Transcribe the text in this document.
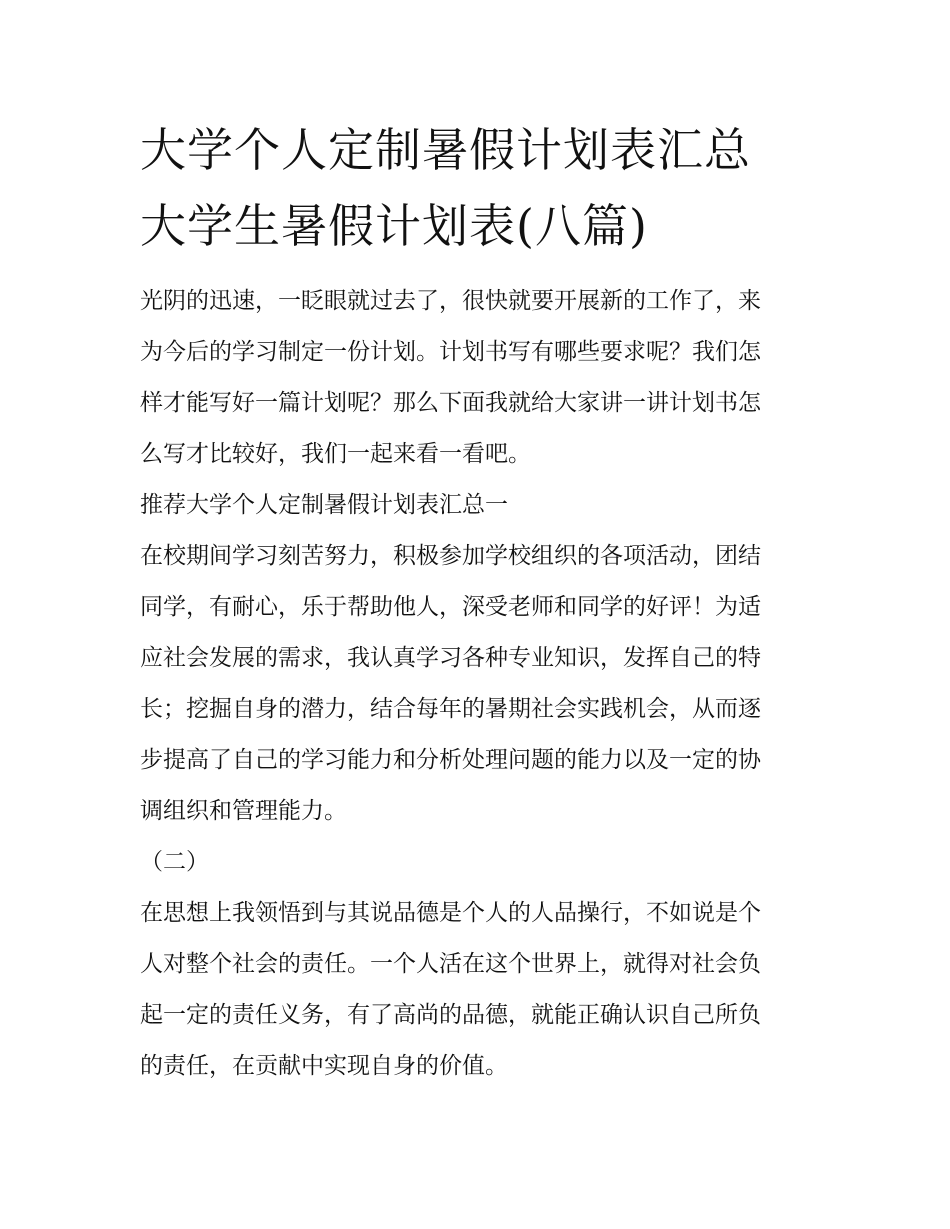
大学个人定制暑假计划表汇总
大学生暑假计划表(八篇)

光阴的迅速，一眨眼就过去了，很快就要开展新的工作了，来
为今后的学习制定一份计划。计划书写有哪些要求呢？我们怎
样才能写好一篇计划呢？那么下面我就给大家讲一讲计划书怎
么写才比较好，我们一起来看一看吧。

推荐大学个人定制暑假计划表汇总一

在校期间学习刻苦努力，积极参加学校组织的各项活动，团结
同学，有耐心，乐于帮助他人，深受老师和同学的好评！为适
应社会发展的需求，我认真学习各种专业知识，发挥自己的特
长；挖掘自身的潜力，结合每年的暑期社会实践机会，从而逐
步提高了自己的学习能力和分析处理问题的能力以及一定的协
调组织和管理能力。

（二）

在思想上我领悟到与其说品德是个人的人品操行，不如说是个
人对整个社会的责任。一个人活在这个世界上，就得对社会负
起一定的责任义务，有了高尚的品德，就能正确认识自己所负
的责任，在贡献中实现自身的价值。
